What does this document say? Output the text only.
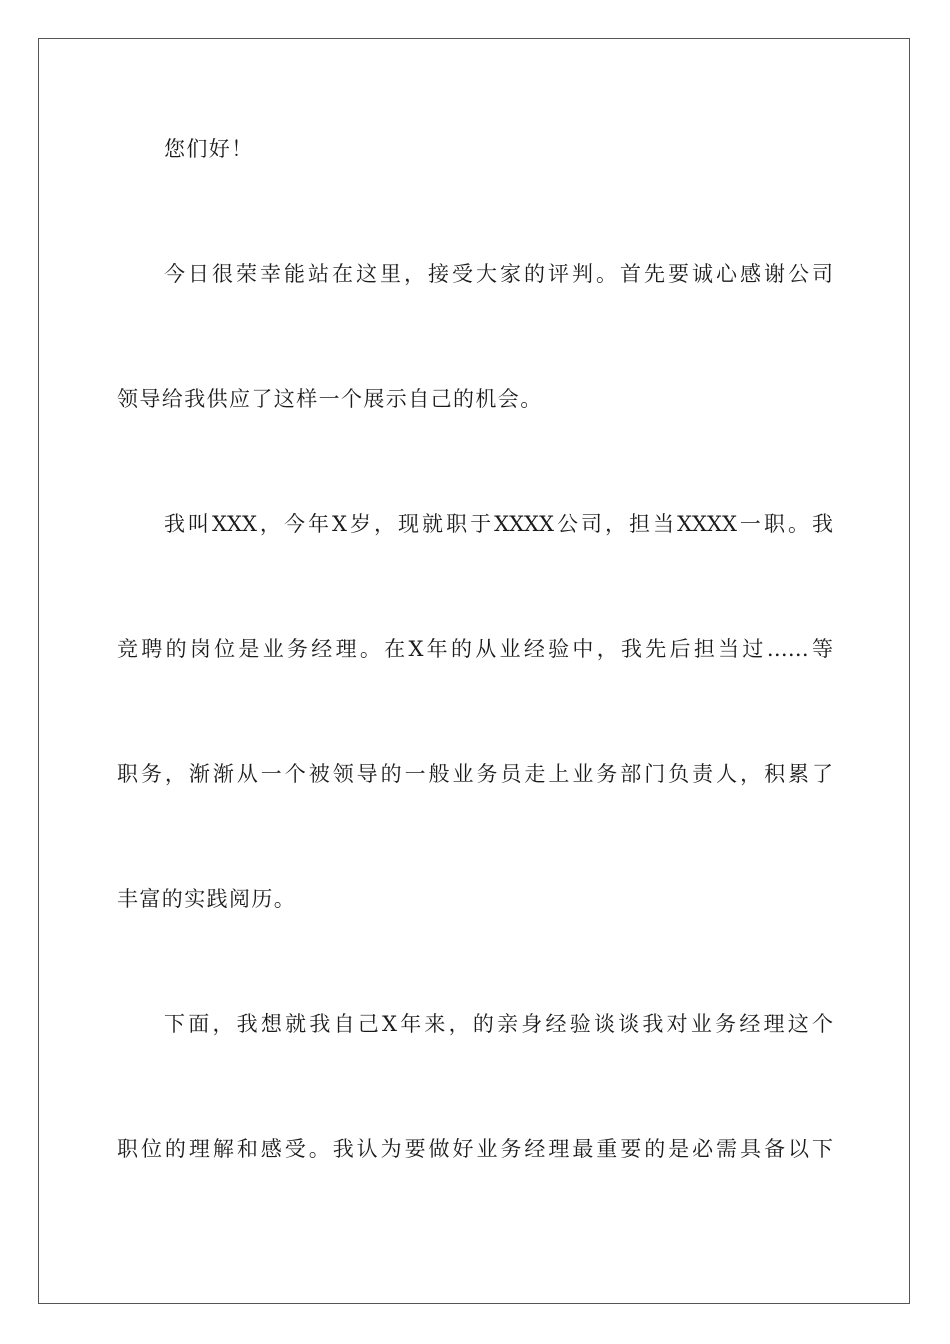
您们好！
今日很荣幸能站在这里，接受大家的评判。首先要诚心感谢公司
领导给我供应了这样一个展示自己的机会。
我叫XXX，今年X岁，现就职于XXXX公司，担当XXXX一职。我
竞聘的岗位是业务经理。在X年的从业经验中，我先后担当过……等
职务，渐渐从一个被领导的一般业务员走上业务部门负责人，积累了
丰富的实践阅历。
下面，我想就我自己X年来，的亲身经验谈谈我对业务经理这个
职位的理解和感受。我认为要做好业务经理最重要的是必需具备以下
